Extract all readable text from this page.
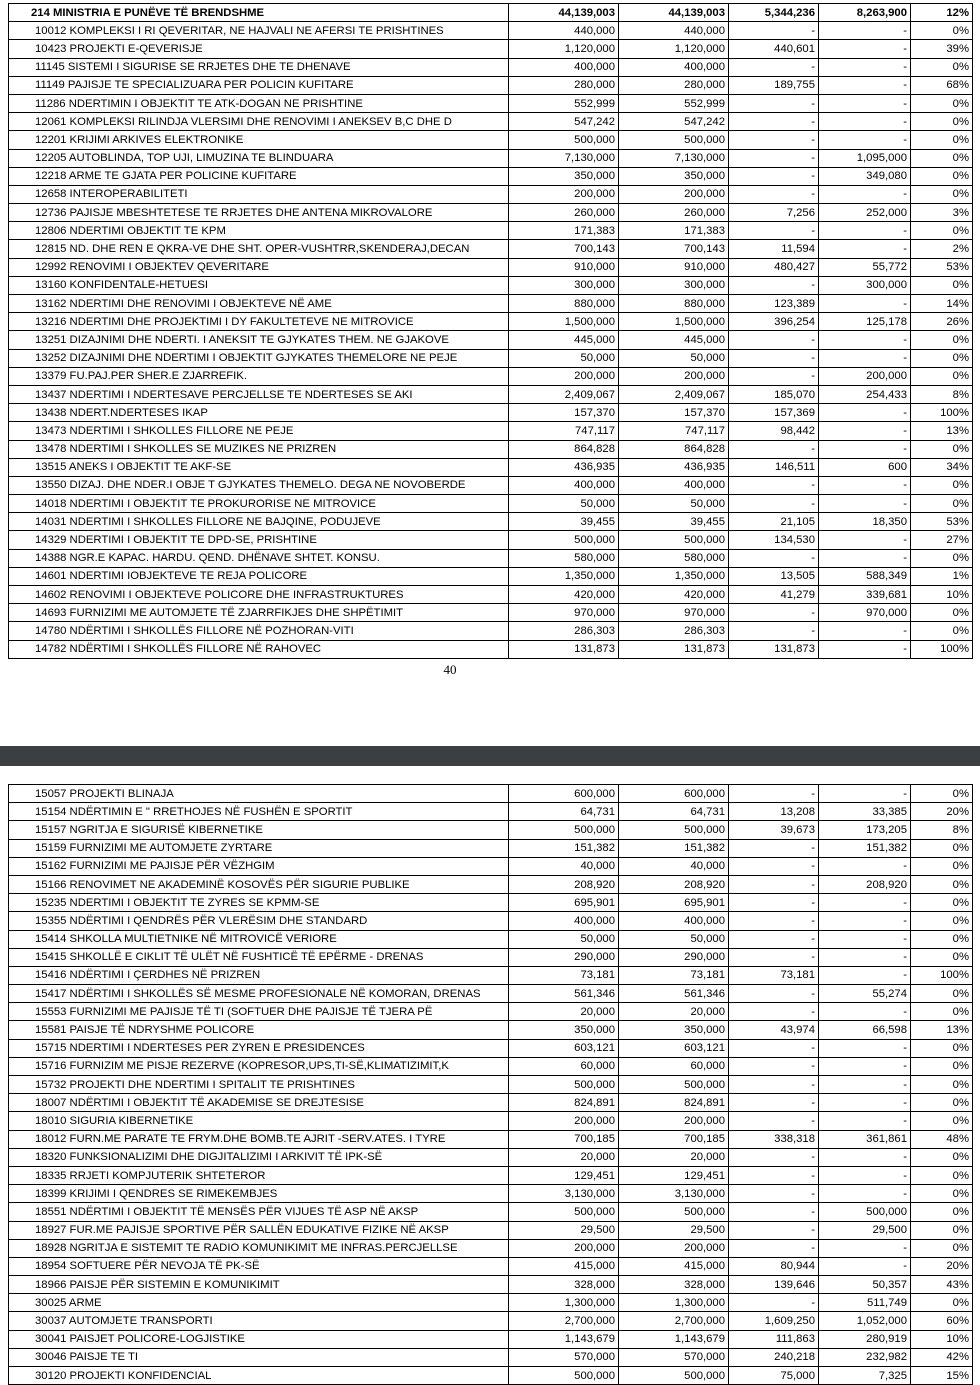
214 MINISTRIA E PUNËVE TË BRENDSHME	44,139,003	44,139,003	5,344,236	8,263,900	12%
10012 KOMPLEKSI I RI QEVERITAR, NE HAJVALI NE AFERSI TE PRISHTINES	440,000	440,000	-	-	0%
10423 PROJEKTI E-QEVERISJE	1,120,000	1,120,000	440,601	-	39%
11145 SISTEMI I SIGURISE SE RRJETES DHE TE DHENAVE	400,000	400,000	-	-	0%
11149 PAJISJE TE SPECIALIZUARA PER POLICIN KUFITARE	280,000	280,000	189,755	-	68%
11286 NDERTIMIN I OBJEKTIT TE ATK-DOGAN NE PRISHTINE	552,999	552,999	-	-	0%
12061 KOMPLEKSI RILINDJA VLERSIMI DHE RENOVIMI I ANEKSEV B,C DHE D	547,242	547,242	-	-	0%
12201 KRIJIMI ARKIVES ELEKTRONIKE	500,000	500,000	-	-	0%
12205 AUTOBLINDA, TOP UJI, LIMUZINA TE BLINDUARA	7,130,000	7,130,000	-	1,095,000	0%
12218 ARME TE GJATA PER POLICINE KUFITARE	350,000	350,000	-	349,080	0%
12658 INTEROPERABILITETI	200,000	200,000	-	-	0%
12736 PAJISJE MBESHTETESE TE RRJETES DHE ANTENA MIKROVALORE	260,000	260,000	7,256	252,000	3%
12806 NDERTIMI OBJEKTIT TE KPM	171,383	171,383	-	-	0%
12815 ND. DHE REN E QKRA-VE DHE SHT. OPER-VUSHTRR,SKENDERAJ,DECAN	700,143	700,143	11,594	-	2%
12992 RENOVIMI I OBJEKTEV QEVERITARE	910,000	910,000	480,427	55,772	53%
13160 KONFIDENTALE-HETUESI	300,000	300,000	-	300,000	0%
13162 NDERTIMI DHE RENOVIMI I OBJEKTEVE NË AME	880,000	880,000	123,389	-	14%
13216 NDERTIMI DHE PROJEKTIMI I DY FAKULTETEVE NE MITROVICE	1,500,000	1,500,000	396,254	125,178	26%
13251 DIZAJNIMI DHE NDERTI. I ANEKSIT TE GJYKATES THEM. NE GJAKOVE	445,000	445,000	-	-	0%
13252 DIZAJNIMI DHE NDERTIMI I OBJEKTIT GJYKATES THEMELORE NE PEJE	50,000	50,000	-	-	0%
13379 FU.PAJ.PER SHER.E ZJARREFIK.	200,000	200,000	-	200,000	0%
13437 NDERTIMI I NDERTESAVE PERCJELLSE TE NDERTESES SE AKI	2,409,067	2,409,067	185,070	254,433	8%
13438 NDERT.NDERTESES IKAP	157,370	157,370	157,369	-	100%
13473 NDERTIMI I SHKOLLES FILLORE NE PEJE	747,117	747,117	98,442	-	13%
13478 NDERTIMI I SHKOLLES SE MUZIKES NE PRIZREN	864,828	864,828	-	-	0%
13515 ANEKS I OBJEKTIT TE AKF-SE	436,935	436,935	146,511	600	34%
13550 DIZAJ. DHE NDER.I OBJE T GJYKATES THEMELO. DEGA NE NOVOBERDE	400,000	400,000	-	-	0%
14018 NDERTIMI I OBJEKTIT TE PROKURORISE NE MITROVICE	50,000	50,000	-	-	0%
14031 NDERTIMI I SHKOLLES FILLORE NE BAJQINE, PODUJEVE	39,455	39,455	21,105	18,350	53%
14329 NDERTIMI I OBJEKTIT TE DPD-SE, PRISHTINE	500,000	500,000	134,530	-	27%
14388 NGR.E KAPAC. HARDU. QEND. DHËNAVE SHTET. KONSU.	580,000	580,000	-	-	0%
14601 NDERTIMI IOBJEKTEVE TE REJA POLICORE	1,350,000	1,350,000	13,505	588,349	1%
14602 RENOVIMI I OBJEKTEVE POLICORE DHE INFRASTRUKTURES	420,000	420,000	41,279	339,681	10%
14693 FURNIZIMI ME AUTOMJETE TË ZJARRFIKJES DHE SHPËTIMIT	970,000	970,000	-	970,000	0%
14780 NDËRTIMI I SHKOLLËS FILLORE NË POZHORAN-VITI	286,303	286,303	-	-	0%
14782 NDËRTIMI I SHKOLLËS FILLORE NË RAHOVEC	131,873	131,873	131,873	-	100%
40
15057 PROJEKTI BLINAJA	600,000	600,000	-	-	0%
15154 NDËRTIMIN E " RRETHOJES NË FUSHËN E SPORTIT	64,731	64,731	13,208	33,385	20%
15157 NGRITJA E SIGURISË KIBERNETIKE	500,000	500,000	39,673	173,205	8%
15159 FURNIZIMI ME AUTOMJETE ZYRTARE	151,382	151,382	-	151,382	0%
15162 FURNIZIMI ME PAJISJE PËR VËZHGIM	40,000	40,000	-	-	0%
15166 RENOVIMET NE AKADEMINË KOSOVËS PËR SIGURIE PUBLIKE	208,920	208,920	-	208,920	0%
15235 NDERTIMI I OBJEKTIT TE ZYRES SE KPMM-SE	695,901	695,901	-	-	0%
15355 NDËRTIMI I QENDRËS PËR VLERËSIM DHE STANDARD	400,000	400,000	-	-	0%
15414 SHKOLLA MULTIETNIKE NË MITROVICË VERIORE	50,000	50,000	-	-	0%
15415 SHKOLLË E CIKLIT TË ULËT NË FUSHTICË TË EPËRME - DRENAS	290,000	290,000	-	-	0%
15416 NDËRTIMI I ÇERDHES NË PRIZREN	73,181	73,181	73,181	-	100%
15417 NDËRTIMI I SHKOLLËS SË MESME PROFESIONALE NË KOMORAN, DRENAS	561,346	561,346	-	55,274	0%
15553 FURNIZIMI ME PAJISJE TË TI (SOFTUER DHE PAJISJE TË TJERA PË	20,000	20,000	-	-	0%
15581 PAISJE TË NDRYSHME POLICORE	350,000	350,000	43,974	66,598	13%
15715 NDERTIMI I NDERTESES PER ZYREN E PRESIDENCES	603,121	603,121	-	-	0%
15716 FURNIZIM ME PISJE REZERVE (KOPRESOR,UPS,TI-SË,KLIMATIZIMIT,K	60,000	60,000	-	-	0%
15732 PROJEKTI DHE NDERTIMI I SPITALIT TE PRISHTINES	500,000	500,000	-	-	0%
18007 NDËRTIMI I OBJEKTIT TË AKADEMISE SE DREJTESISE	824,891	824,891	-	-	0%
18010 SIGURIA KIBERNETIKE	200,000	200,000	-	-	0%
18012 FURN.ME PARATE TE FRYM.DHE BOMB.TE AJRIT -SERV.ATES. I TYRE	700,185	700,185	338,318	361,861	48%
18320 FUNKSIONALIZIMI DHE DIGJITALIZIMI I ARKIVIT TË IPK-SË	20,000	20,000	-	-	0%
18335 RRJETI KOMPJUTERIK SHTETEROR	129,451	129,451	-	-	0%
18399 KRIJIMI I QENDRES SE RIMEKEMBJES	3,130,000	3,130,000	-	-	0%
18551 NDËRTIMI I OBJEKTIT TË MENSËS PËR VIJUES TË ASP NË AKSP	500,000	500,000	-	500,000	0%
18927 FUR.ME PAJISJE SPORTIVE PËR SALLËN EDUKATIVE FIZIKE NË AKSP	29,500	29,500	-	29,500	0%
18928 NGRITJA E SISTEMIT TE RADIO KOMUNIKIMIT ME INFRAS.PERCJELLSE	200,000	200,000	-	-	0%
18954 SOFTUERE PËR NEVOJA TË PK-SË	415,000	415,000	80,944	-	20%
18966 PAISJE PËR SISTEMIN E KOMUNIKIMIT	328,000	328,000	139,646	50,357	43%
30025 ARME	1,300,000	1,300,000	-	511,749	0%
30037 AUTOMJETE TRANSPORTI	2,700,000	2,700,000	1,609,250	1,052,000	60%
30041 PAISJET POLICORE-LOGJISTIKE	1,143,679	1,143,679	111,863	280,919	10%
30046 PAISJE TE TI	570,000	570,000	240,218	232,982	42%
30120 PROJEKTI KONFIDENCIAL	500,000	500,000	75,000	7,325	15%
